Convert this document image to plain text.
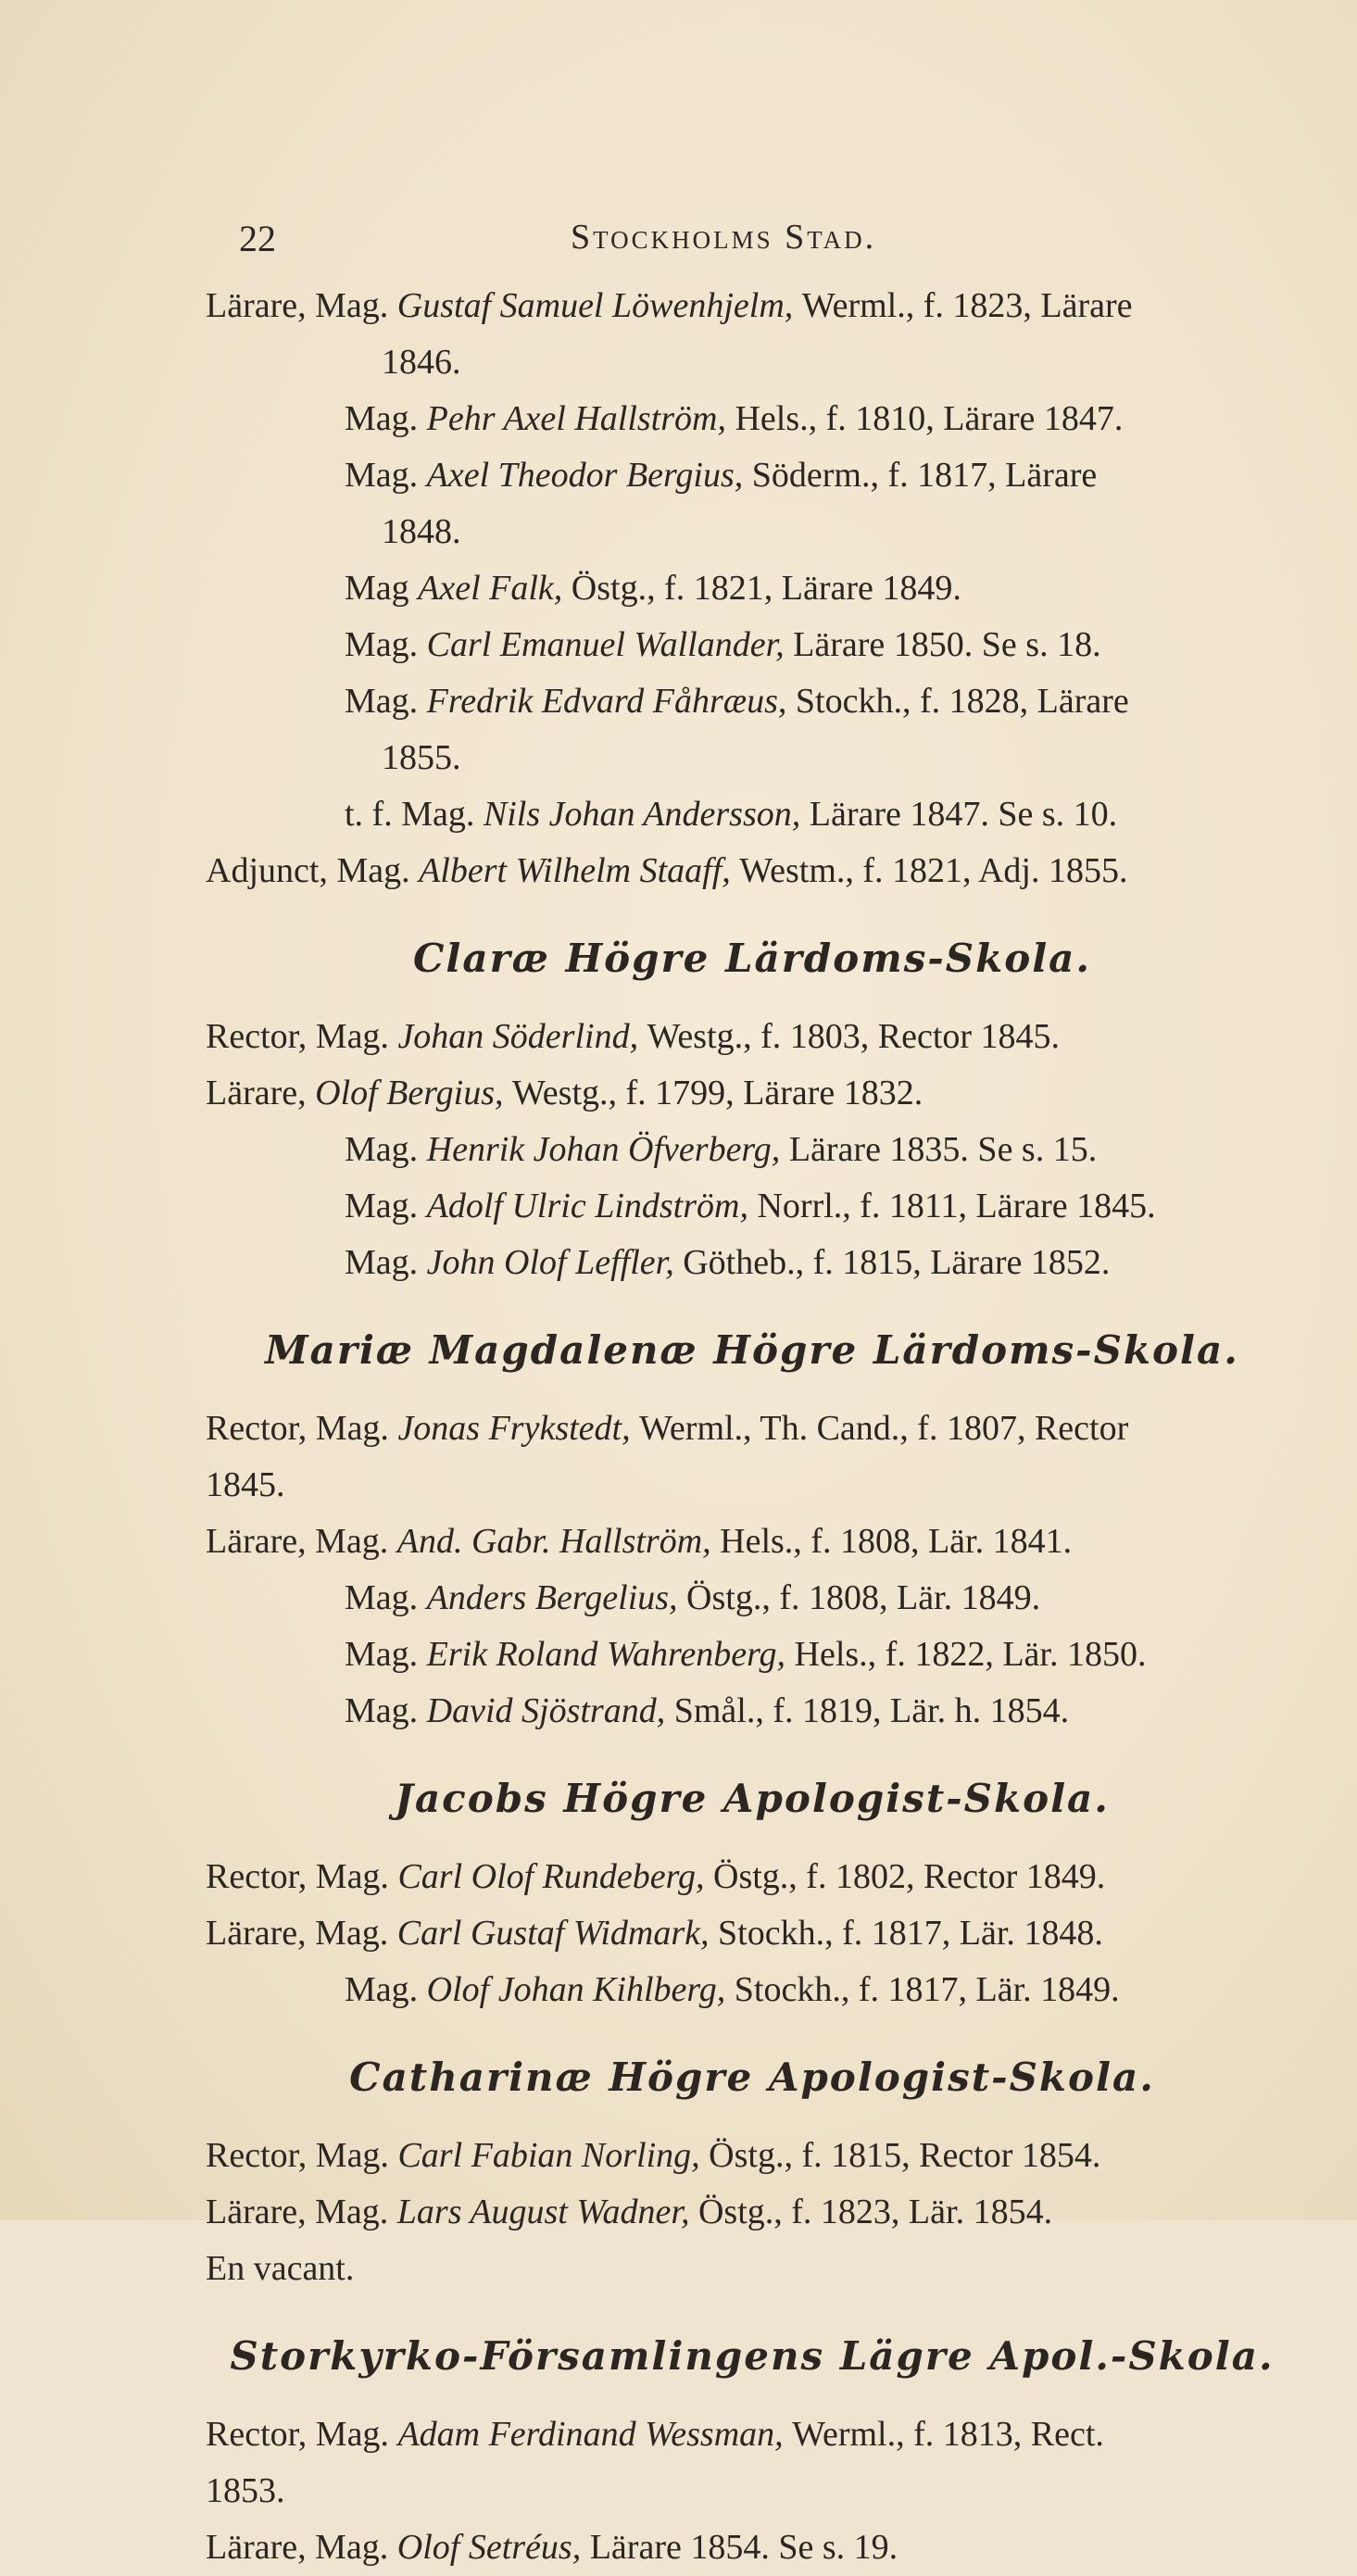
22	Stockholms Stad.
Lärare, Mag. Gustaf Samuel Löwenhjelm, Werml., f. 1823, Lärare
1846.
Mag. Pehr Axel Hallström, Hels., f. 1810, Lärare 1847.
Mag. Axel Theodor Bergius, Söderm., f. 1817, Lärare
1848.
Mag Axel Falk, Östg., f. 1821, Lärare 1849.
Mag. Carl Emanuel Wallander, Lärare 1850. Se s. 18.
Mag. Fredrik Edvard Fåhræus, Stockh., f. 1828, Lärare
1855.
t. f. Mag. Nils Johan Andersson, Lärare 1847. Se s. 10.
Adjunct, Mag. Albert Wilhelm Staaff, Westm., f. 1821, Adj. 1855.
Claræ Högre Lärdoms-Skola.
Rector, Mag. Johan Söderlind, Westg., f. 1803, Rector 1845.
Lärare, Olof Bergius, Westg., f. 1799, Lärare 1832.
Mag. Henrik Johan Öfverberg, Lärare 1835. Se s. 15.
Mag. Adolf Ulric Lindström, Norrl., f. 1811, Lärare 1845.
Mag. John Olof Leffler, Götheb., f. 1815, Lärare 1852.
Mariæ Magdalenæ Högre Lärdoms-Skola.
Rector, Mag. Jonas Frykstedt, Werml., Th. Cand., f. 1807, Rector
1845.
Lärare, Mag. And. Gabr. Hallström, Hels., f. 1808, Lär. 1841.
Mag. Anders Bergelius, Östg., f. 1808, Lär. 1849.
Mag. Erik Roland Wahrenberg, Hels., f. 1822, Lär. 1850.
Mag. David Sjöstrand, Smål., f. 1819, Lär. h. 1854.
Jacobs Högre Apologist-Skola.
Rector, Mag. Carl Olof Rundeberg, Östg., f. 1802, Rector 1849.
Lärare, Mag. Carl Gustaf Widmark, Stockh., f. 1817, Lär. 1848.
Mag. Olof Johan Kihlberg, Stockh., f. 1817, Lär. 1849.
Catharinæ Högre Apologist-Skola.
Rector, Mag. Carl Fabian Norling, Östg., f. 1815, Rector 1854.
Lärare, Mag. Lars August Wadner, Östg., f. 1823, Lär. 1854.
En vacant.
Storkyrko-Församlingens Lägre Apol.-Skola.
Rector, Mag. Adam Ferdinand Wessman, Werml., f. 1813, Rect.
1853.
Lärare, Mag. Olof Setréus, Lärare 1854. Se s. 19.
